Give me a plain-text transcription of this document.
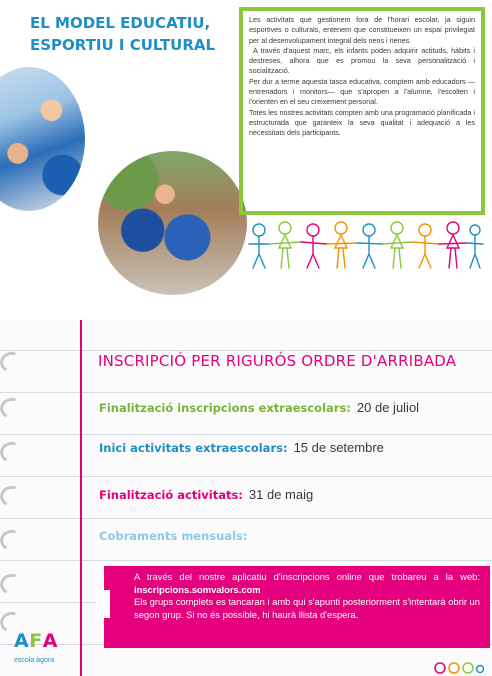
EL MODEL EDUCATIU,
ESPORTIU I CULTURAL

Les activitats que gestionem fora de l'horari escolar, ja siguin esportives o culturals, entenem que constitueixen un espai privilegiat per al desenvolupament integral dels nens i nenes.

A través d'aquest marc, els infants poden adquirir actituds, hàbits i destreses, alhora que es promou la seva personalització i socialització.

Per dur a terme aquesta tasca educativa, comptem amb educadors —entrenadors i monitors— que s'apropen a l'alumne, l'escolten i l'orienten en el seu creixement personal.

Totes les nostres activitats compten amb una programació planificada i estructurada que garanteix la seva qualitat i adequació a les necessitats dels participants.

INSCRIPCIÓ PER RIGURÓS ORDRE D'ARRIBADA
Finalització inscripcions extraescolars: 20 de juliol
Inici activitats extraescolars: 15 de setembre
Finalització activitats: 31 de maig
Cobraments mensuals:

A través del nostre aplicatiu d'inscripcions online que trobareu a la web: inscripcions.somvalors.com

Els grups complets es tancaran i amb qui s'apunti posteriorment s'intentarà obrir un segon grup. Si no és possible, hi haurà llista d'espera.

AFA
escola àgora
